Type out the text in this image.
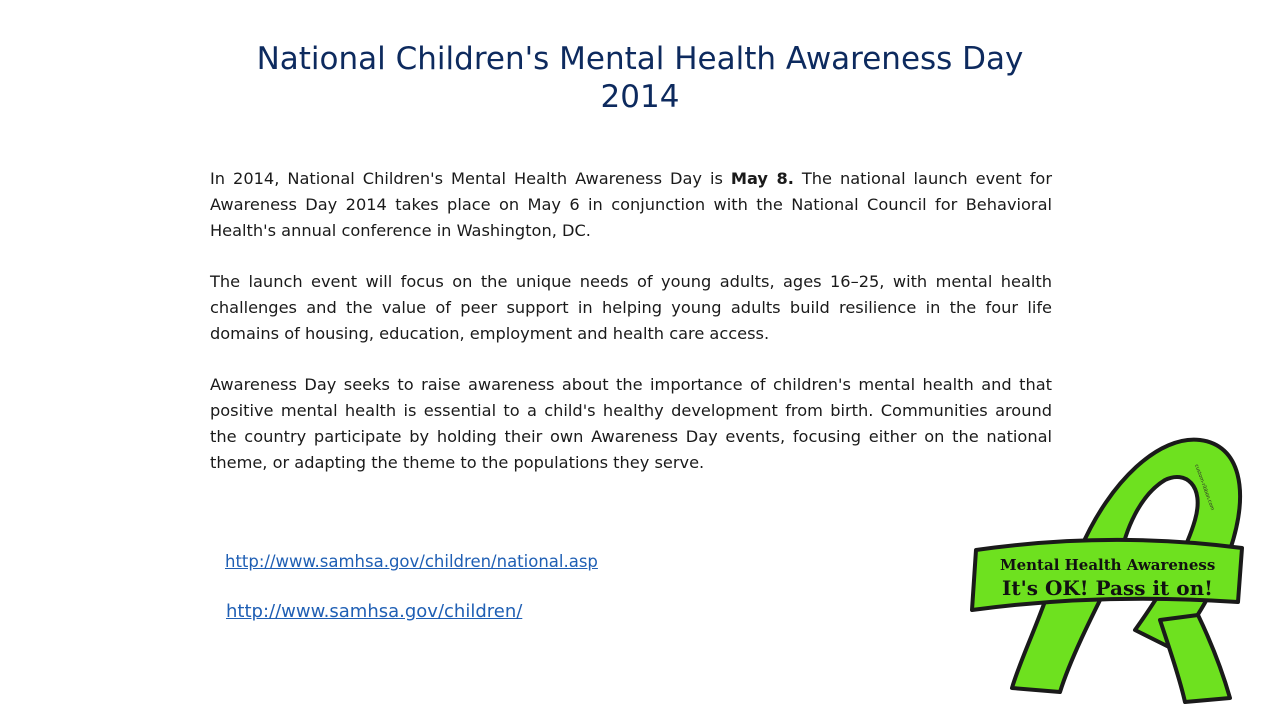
National Children's Mental Health Awareness Day
2014

In 2014, National Children's Mental Health Awareness Day is May 8. The national launch event for Awareness Day 2014 takes place on May 6 in conjunction with the National Council for Behavioral Health's annual conference in Washington, DC.

The launch event will focus on the unique needs of young adults, ages 16–25, with mental health challenges and the value of peer support in helping young adults build resilience in the four life domains of housing, education, employment and health care access.

Awareness Day seeks to raise awareness about the importance of children's mental health and that positive mental health is essential to a child's healthy development from birth. Communities around the country participate by holding their own Awareness Day events, focusing either on the national theme, or adapting the theme to the populations they serve.

http://www.samhsa.gov/children/national.asp
http://www.samhsa.gov/children/
custom-ribbon.com
Mental Health Awareness
It's OK! Pass it on!
